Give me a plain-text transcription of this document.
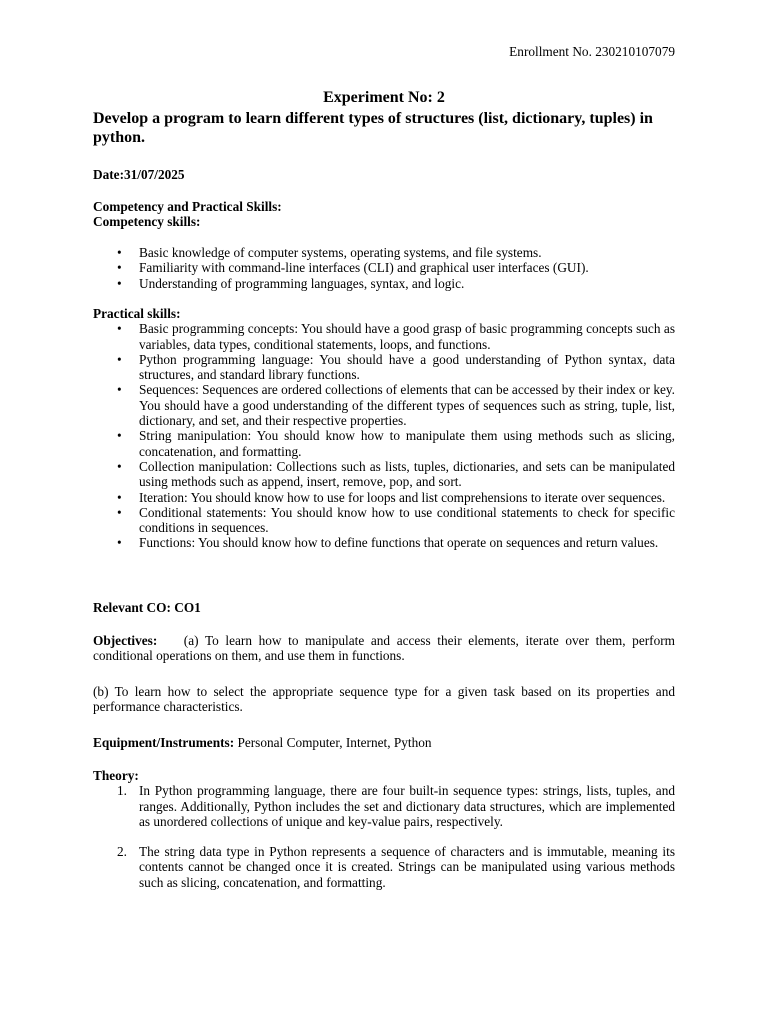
Enrollment No. 230210107079
Experiment No: 2
Develop a program to learn different types of structures (list, dictionary, tuples) in python.
Date:31/07/2025
Competency and Practical Skills:
Competency skills:
• Basic knowledge of computer systems, operating systems, and file systems.
• Familiarity with command-line interfaces (CLI) and graphical user interfaces (GUI).
• Understanding of programming languages, syntax, and logic.
Practical skills:
• Basic programming concepts: You should have a good grasp of basic programming concepts such as variables, data types, conditional statements, loops, and functions.
• Python programming language: You should have a good understanding of Python syntax, data structures, and standard library functions.
• Sequences: Sequences are ordered collections of elements that can be accessed by their index or key. You should have a good understanding of the different types of sequences such as string, tuple, list, dictionary, and set, and their respective properties.
• String manipulation: You should know how to manipulate them using methods such as slicing, concatenation, and formatting.
• Collection manipulation: Collections such as lists, tuples, dictionaries, and sets can be manipulated using methods such as append, insert, remove, pop, and sort.
• Iteration: You should know how to use for loops and list comprehensions to iterate over sequences.
• Conditional statements: You should know how to use conditional statements to check for specific conditions in sequences.
• Functions: You should know how to define functions that operate on sequences and return values.
Relevant CO: CO1
Objectives: (a) To learn how to manipulate and access their elements, iterate over them, perform conditional operations on them, and use them in functions.
(b) To learn how to select the appropriate sequence type for a given task based on its properties and performance characteristics.
Equipment/Instruments: Personal Computer, Internet, Python
Theory:
1. In Python programming language, there are four built-in sequence types: strings, lists, tuples, and ranges. Additionally, Python includes the set and dictionary data structures, which are implemented as unordered collections of unique and key-value pairs, respectively.
2. The string data type in Python represents a sequence of characters and is immutable, meaning its contents cannot be changed once it is created. Strings can be manipulated using various methods such as slicing, concatenation, and formatting.
